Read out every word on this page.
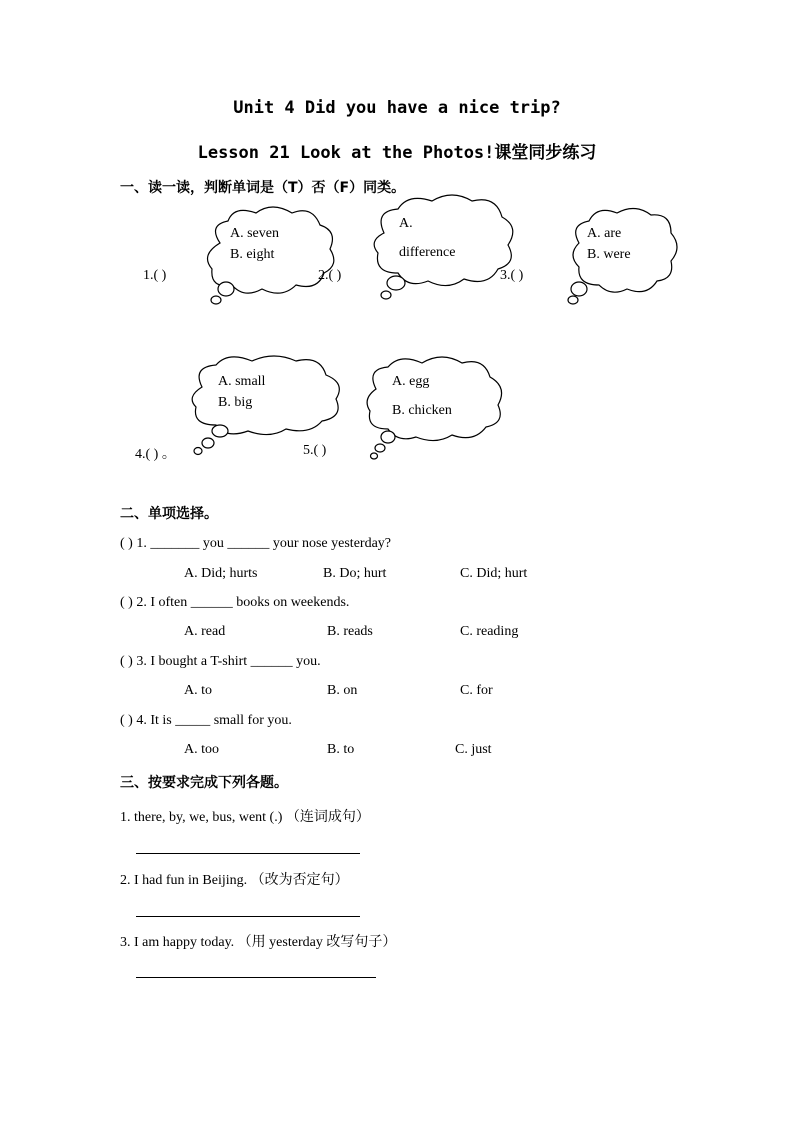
Unit 4 Did you have a nice trip?
Lesson 21 Look at the Photos!课堂同步练习
一、读一读，判断单词是（T）否（F）同类。
A. seven
B. eight
1.( )
A.
difference
2.( )
A. are
B. were
3.( )
A. small
B. big
4.( ) 。
A. egg
B. chicken
5.( )
二、单项选择。
( ) 1. _______ you ______ your nose yesterday?
A. Did; hurts	B. Do; hurt	C. Did; hurt
( ) 2. I often ______ books on weekends.
A. read	B. reads	C. reading
( ) 3. I bought a T-shirt ______ you.
A. to	B. on	C. for
( ) 4. It is _____ small for you.
A. too	B. to	C. just
三、按要求完成下列各题。
1. there, by, we, bus, went (.) （连词成句）
2. I had fun in Beijing. （改为否定句）
3. I am happy today. （用 yesterday 改写句子）
